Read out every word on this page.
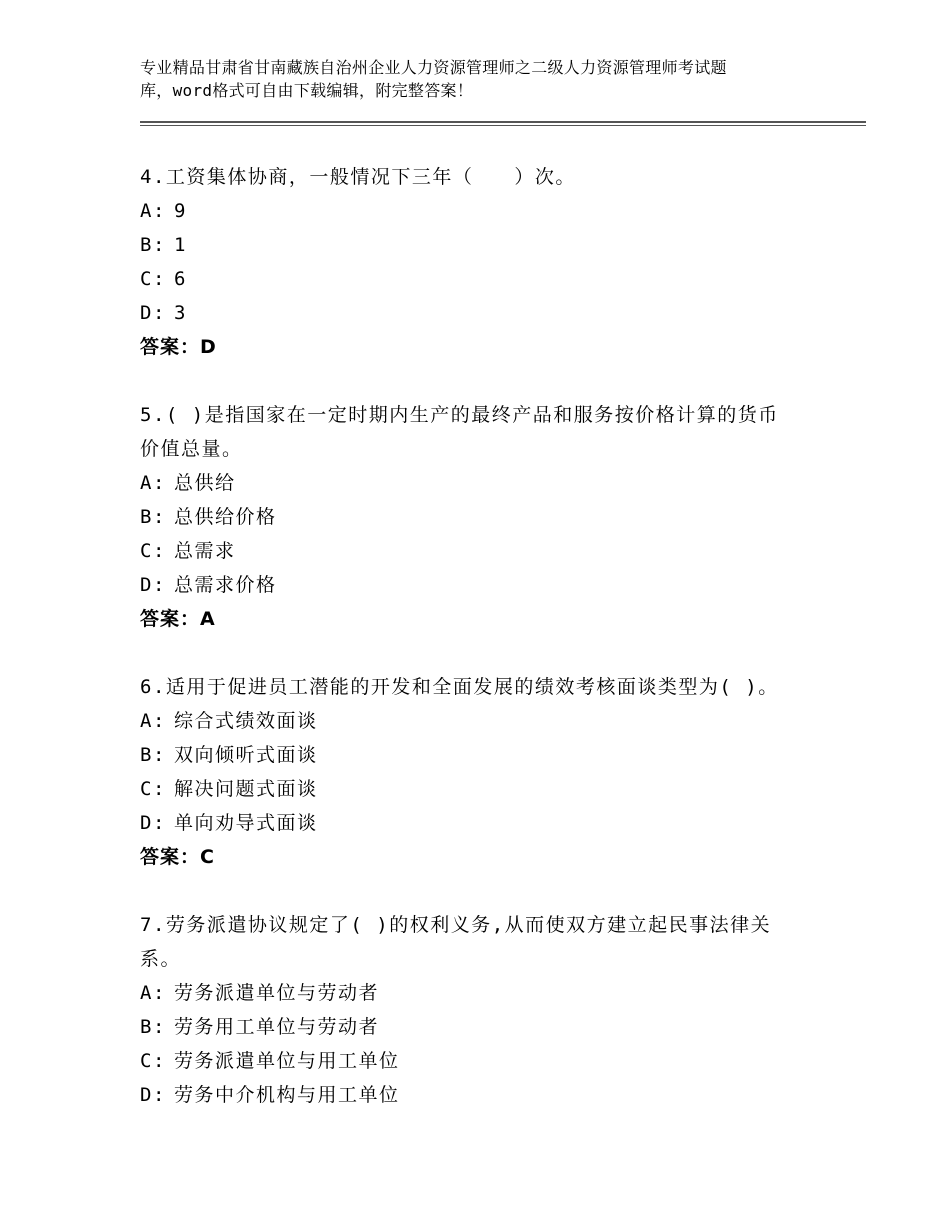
专业精品甘肃省甘南藏族自治州企业人力资源管理师之二级人力资源管理师考试题
库，word格式可自由下载编辑，附完整答案！
4.工资集体协商，一般情况下三年（　　）次。
A: 9
B: 1
C: 6
D: 3
答案：D
5.( )是指国家在一定时期内生产的最终产品和服务按价格计算的货币
价值总量。
A: 总供给
B: 总供给价格
C: 总需求
D: 总需求价格
答案：A
6.适用于促进员工潜能的开发和全面发展的绩效考核面谈类型为( )。
A: 综合式绩效面谈
B: 双向倾听式面谈
C: 解决问题式面谈
D: 单向劝导式面谈
答案：C
7.劳务派遣协议规定了( )的权利义务,从而使双方建立起民事法律关
系。
A: 劳务派遣单位与劳动者
B: 劳务用工单位与劳动者
C: 劳务派遣单位与用工单位
D: 劳务中介机构与用工单位
